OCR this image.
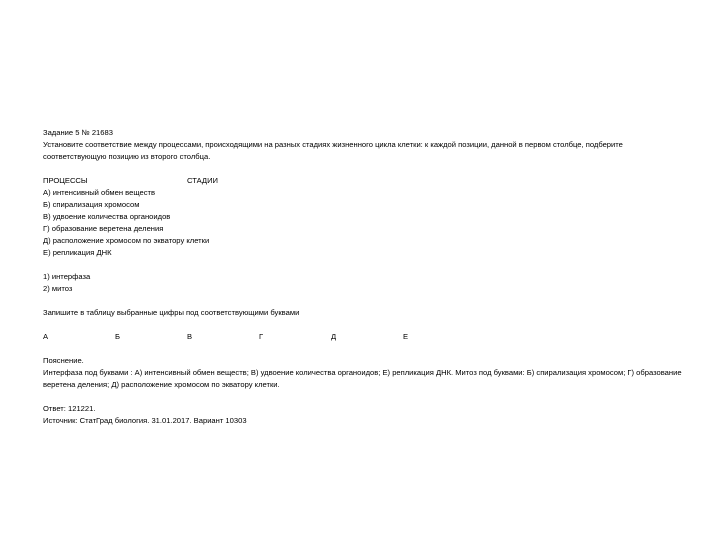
Задание 5 № 21683
Установите соответствие между процессами, происходящими на разных стадиях жизненного цикла клетки: к каждой позиции, данной в первом столбце, подберите соответствующую позицию из второго столбца.
ПРОЦЕССЫ	СТАДИИ
А) интенсивный обмен веществ
Б) спирализация хромосом
В) удвоение количества органоидов
Г) образование веретена деления
Д) расположение хромосом по экватору клетки
Е) репликация ДНК
1) интерфаза
2) митоз
Запишите в таблицу выбранные цифры под соответствующими буквами
А	Б	В	Г	Д	Е
Пояснение.
Интерфаза под буквами : А) интенсивный обмен веществ; В) удвоение количества органоидов; Е) репликация ДНК. Митоз под буквами: Б) спирализация хромосом; Г) образование веретена деления; Д) расположение хромосом по экватору клетки.
Ответ: 121221.
Источник: СтатГрад биология. 31.01.2017. Вариант 10303
